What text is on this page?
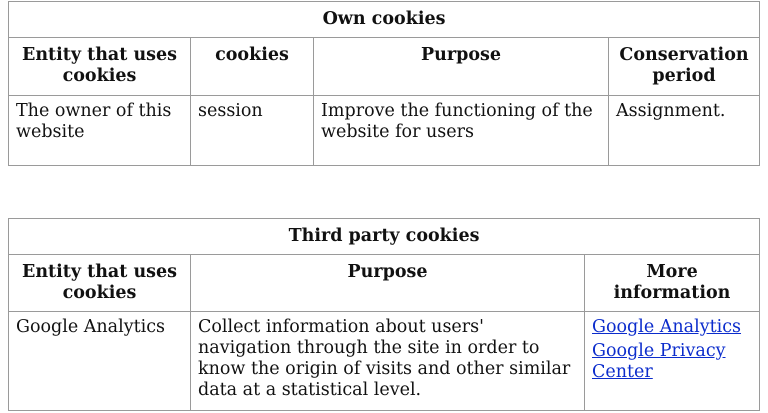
Own cookies			
Entity that uses cookies	cookies	Purpose	Conservation period
The owner of this website	session	Improve the functioning of the website for users	Assignment.
Third party cookies		
Entity that uses cookies	Purpose	More information
Google Analytics	Collect information about users' navigation through the site in order to know the origin of visits and other similar data at a statistical level.	Google Analytics
Google Privacy Center
